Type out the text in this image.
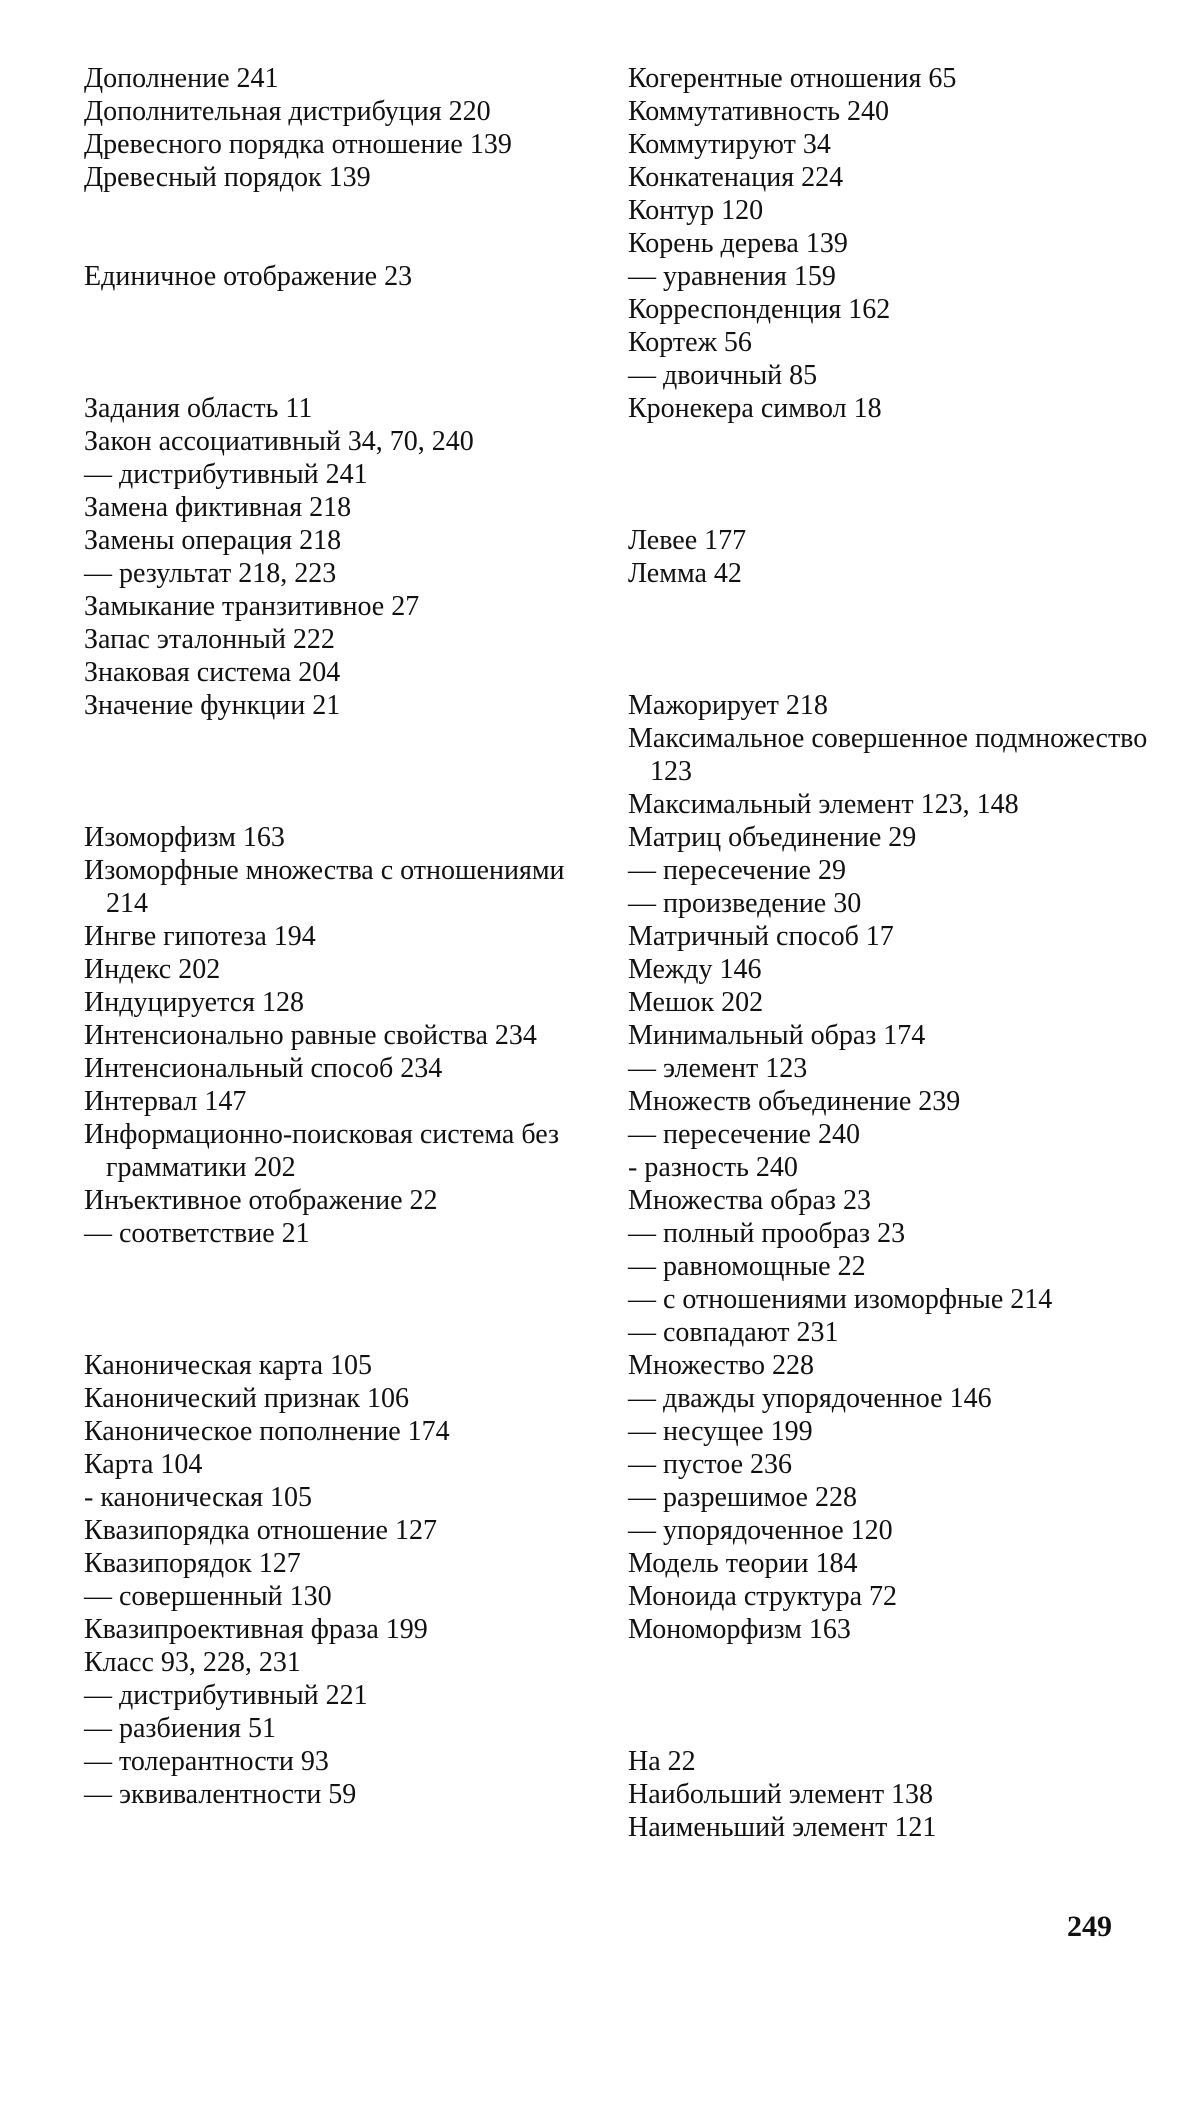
Дополнение 241

Дополнительная дистрибуция 220

Древесного порядка отношение 139

Древесный порядок 139

Единичное отображение 23

Задания область 11

Закон ассоциативный 34, 70, 240

— дистрибутивный 241

Замена фиктивная 218

Замены операция 218

— результат 218, 223

Замыкание транзитивное 27

Запас эталонный 222

Знаковая система 204

Значение функции 21

Изоморфизм 163

Изоморфные множества с отношениями 214

Ингве гипотеза 194

Индекс 202

Индуцируется 128

Интенсионально равные свойства 234

Интенсиональный способ 234

Интервал 147

Информационно-поисковая система без грамматики 202

Инъективное отображение 22

— соответствие 21

Каноническая карта 105

Канонический признак 106

Каноническое пополнение 174

Карта 104

- каноническая 105

Квазипорядка отношение 127

Квазипорядок 127

— совершенный 130

Квазипроективная фраза 199

Класс 93, 228, 231

— дистрибутивный 221

— разбиения 51

— толерантности 93

— эквивалентности 59

Когерентные отношения 65

Коммутативность 240

Коммутируют 34

Конкатенация 224

Контур 120

Корень дерева 139

— уравнения 159

Корреспонденция 162

Кортеж 56

— двоичный 85

Кронекера символ 18

Левее 177

Лемма 42

Мажорирует 218

Максимальное совершенное подмножество 123

Максимальный элемент 123, 148

Матриц объединение 29

— пересечение 29

— произведение 30

Матричный способ 17

Между 146

Мешок 202

Минимальный образ 174

— элемент 123

Множеств объединение 239

— пересечение 240

- разность 240

Множества образ 23

— полный прообраз 23

— равномощные 22

— с отношениями изоморфные 214

— совпадают 231

Множество 228

— дважды упорядоченное 146

— несущее 199

— пустое 236

— разрешимое 228

— упорядоченное 120

Модель теории 184

Моноида структура 72

Мономорфизм 163

На 22

Наибольший элемент 138

Наименьший элемент 121

249
